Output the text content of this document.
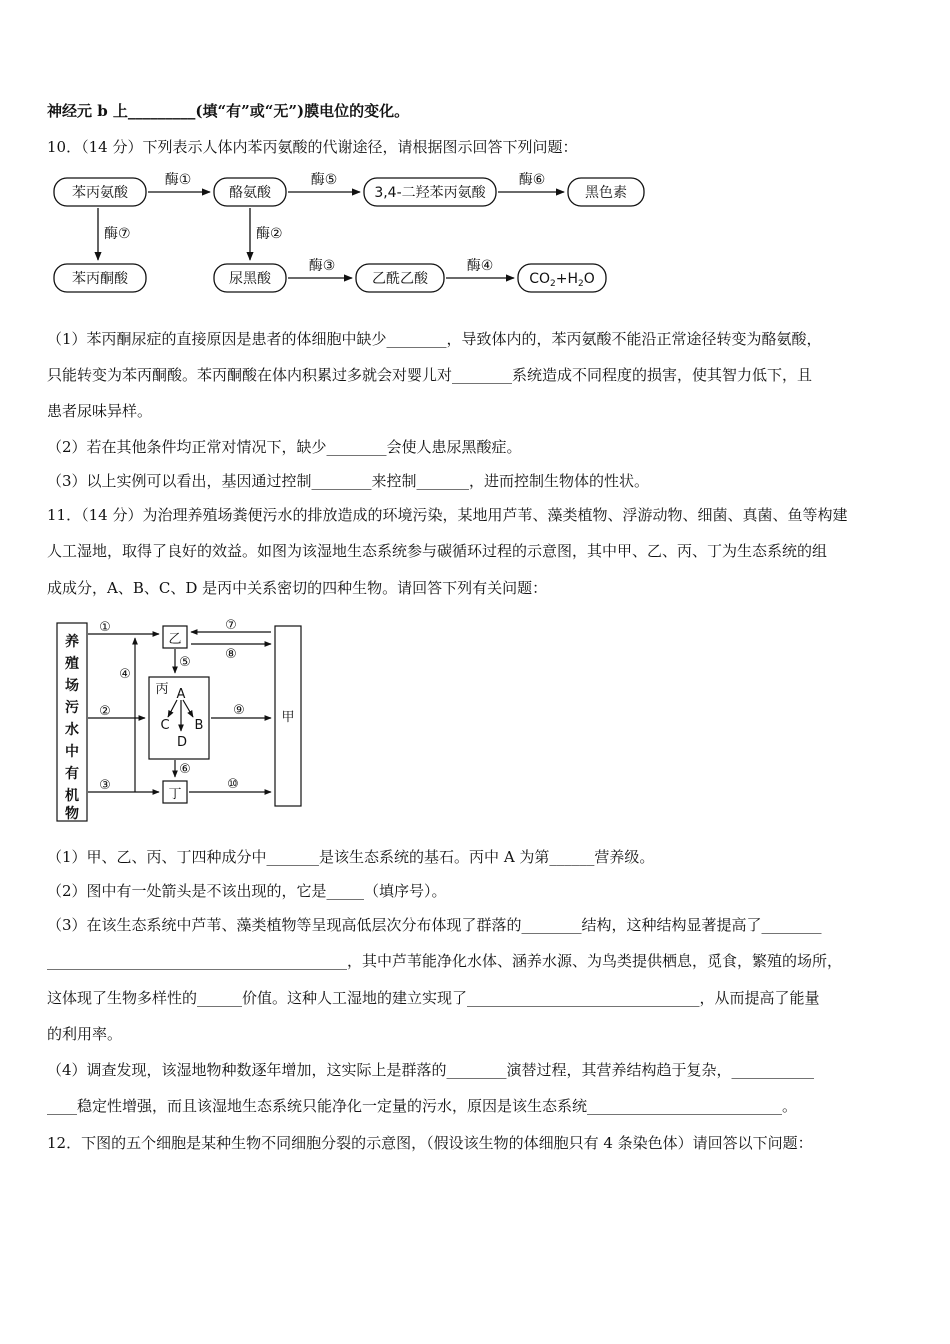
神经元 b 上_________(填“有”或“无”)膜电位的变化。
10．（14 分）下列表示人体内苯丙氨酸的代谢途径，请根据图示回答下列问题：
苯丙氨酸	酪氨酸	3,4-二羟苯丙氨酸	黑色素
苯丙酮酸	尿黑酸	乙酰乙酸	$CO_2+H_2O$
酶①	酶⑤	酶⑥
酶③	酶④
酶⑦	酶②
（1）苯丙酮尿症的直接原因是患者的体细胞中缺少________，导致体内的，苯丙氨酸不能沿正常途径转变为酪氨酸，
只能转变为苯丙酮酸。苯丙酮酸在体内积累过多就会对婴儿对________系统造成不同程度的损害，使其智力低下，且
患者尿味异样。
（2）若在其他条件均正常对情况下，缺少________会使人患尿黑酸症。
（3）以上实例可以看出，基因通过控制________来控制_______，进而控制生物体的性状。
11．（14 分）为治理养殖场粪便污水的排放造成的环境污染，某地用芦苇、藻类植物、浮游动物、细菌、真菌、鱼等构建
人工湿地，取得了良好的效益。如图为该湿地生态系统参与碳循环过程的示意图，其中甲、乙、丙、丁为生态系统的组
成成分，A、B、C、D 是丙中关系密切的四种生物。请回答下列有关问题：
养
殖
场
污
水
中
有
机
物
乙
丙
丁
甲
A
C B
D
①
②
③
④
⑤
⑥
⑦
⑧
⑨
⑩
（1）甲、乙、丙、丁四种成分中_______是该生态系统的基石。丙中 A 为第______营养级。
（2）图中有一处箭头是不该出现的，它是_____（填序号）。
（3）在该生态系统中芦苇、藻类植物等呈现高低层次分布体现了群落的________结构，这种结构显著提高了________
________________________________________，其中芦苇能净化水体、涵养水源、为鸟类提供栖息，觅食，繁殖的场所，
这体现了生物多样性的______价值。这种人工湿地的建立实现了_______________________________，从而提高了能量
的利用率。
（4）调查发现，该湿地物种数逐年增加，这实际上是群落的________演替过程，其营养结构趋于复杂，___________
____稳定性增强，而且该湿地生态系统只能净化一定量的污水，原因是该生态系统__________________________。
12．下图的五个细胞是某种生物不同细胞分裂的示意图，（假设该生物的体细胞只有 4 条染色体）请回答以下问题：
